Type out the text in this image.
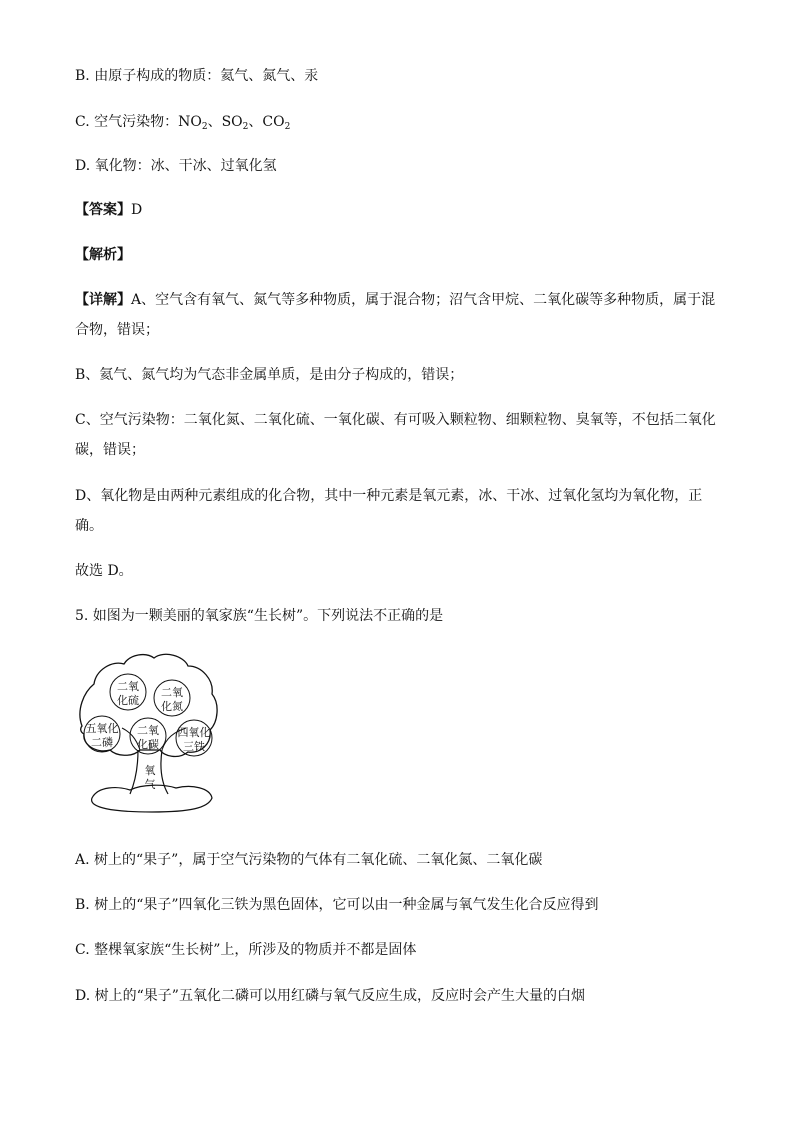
B. 由原子构成的物质：氦气、氮气、汞
C. 空气污染物：$NO_2$、$SO_2$、$CO_2$
D. 氧化物：冰、干冰、过氧化氢
【答案】D
【解析】
【详解】A、空气含有氧气、氮气等多种物质，属于混合物；沼气含甲烷、二氧化碳等多种物质，属于混
合物，错误；
B、氦气、氮气均为气态非金属单质，是由分子构成的，错误；
C、空气污染物：二氧化氮、二氧化硫、一氧化碳、有可吸入颗粒物、细颗粒物、臭氧等，不包括二氧化
碳，错误；
D、氧化物是由两种元素组成的化合物，其中一种元素是氧元素，冰、干冰、过氧化氢均为氧化物，正
确。
故选 D。
5. 如图为一颗美丽的氧家族“生长树”。下列说法不正确的是
二氧
化硫
二氧
化氮
五氧化
二磷
二氧
化碳
四氧化
三铁
氧
气
A. 树上的“果子”，属于空气污染物的气体有二氧化硫、二氧化氮、二氧化碳
B. 树上的“果子”四氧化三铁为黑色固体，它可以由一种金属与氧气发生化合反应得到
C. 整棵氧家族“生长树”上，所涉及的物质并不都是固体
D. 树上的“果子”五氧化二磷可以用红磷与氧气反应生成，反应时会产生大量的白烟
